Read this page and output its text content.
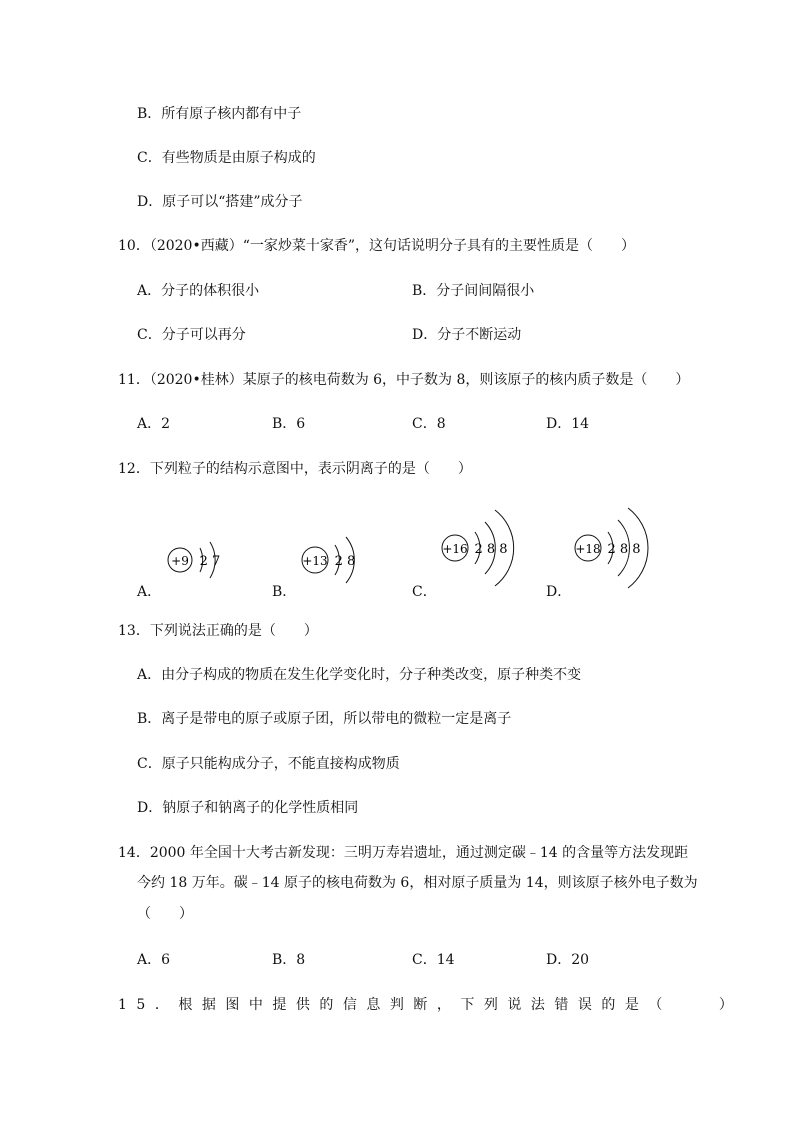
B．所有原子核内都有中子
C．有些物质是由原子构成的
D．原子可以“搭建”成分子
10．（2020•西藏）“一家炒菜十家香”，这句话说明分子具有的主要性质是（　　）
A．分子的体积很小	B．分子间间隔很小
C．分子可以再分	D．分子不断运动
11．（2020•桂林）某原子的核电荷数为 6，中子数为 8，则该原子的核内质子数是（　　）
A．2	B．6	C．8	D．14
12．下列粒子的结构示意图中，表示阴离子的是（　　）
A．
+9 2 7
B．
+13 2 8
C．
+16 2 8 8
D．
+18 2 8 8
13．下列说法正确的是（　　）
A．由分子构成的物质在发生化学变化时，分子种类改变，原子种类不变
B．离子是带电的原子或原子团，所以带电的微粒一定是离子
C．原子只能构成分子，不能直接构成物质
D．钠原子和钠离子的化学性质相同
14．2000 年全国十大考古新发现：三明万寿岩遗址，通过测定碳﹣14 的含量等方法发现距
今约 18 万年。碳﹣14 原子的核电荷数为 6，相对原子质量为 14，则该原子核外电子数为
（　　）
A．6	B．8	C．14	D．20
15．根据图中提供的信息判断，下列说法错误的是（　　）
